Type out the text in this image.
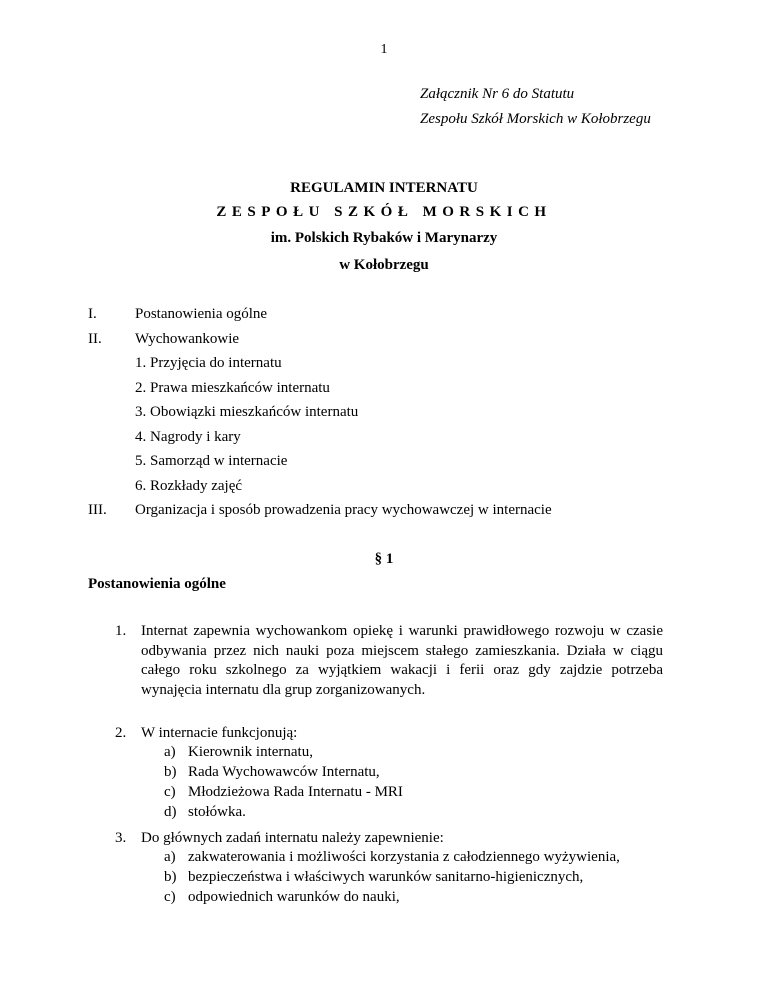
1
Załącznik Nr 6 do Statutu
Zespołu Szkół Morskich w Kołobrzegu
REGULAMIN INTERNATU
ZESPOŁU SZKÓŁ MORSKICH
im. Polskich Rybaków i Marynarzy
w Kołobrzegu
I.	Postanowienia ogólne
II. Wychowankowie
1. Przyjęcia do internatu
2. Prawa mieszkańców internatu
3. Obowiązki mieszkańców internatu
4. Nagrody i kary
5. Samorząd w internacie
6. Rozkłady zajęć
III. Organizacja i sposób prowadzenia pracy wychowawczej w internacie
§ 1
Postanowienia ogólne
1. Internat zapewnia wychowankom opiekę i warunki prawidłowego rozwoju w czasie odbywania przez nich nauki poza miejscem stałego zamieszkania. Działa w ciągu całego roku szkolnego za wyjątkiem wakacji i ferii oraz gdy zajdzie potrzeba wynajęcia internatu dla grup zorganizowanych.
2. W internacie funkcjonują:
a) Kierownik internatu,
b) Rada Wychowawców Internatu,
c) Młodzieżowa Rada Internatu - MRI
d) stołówka.
3. Do głównych zadań internatu należy zapewnienie:
a) zakwaterowania i możliwości korzystania z całodziennego wyżywienia,
b) bezpieczeństwa i właściwych warunków sanitarno-higienicznych,
c) odpowiednich warunków do nauki,
